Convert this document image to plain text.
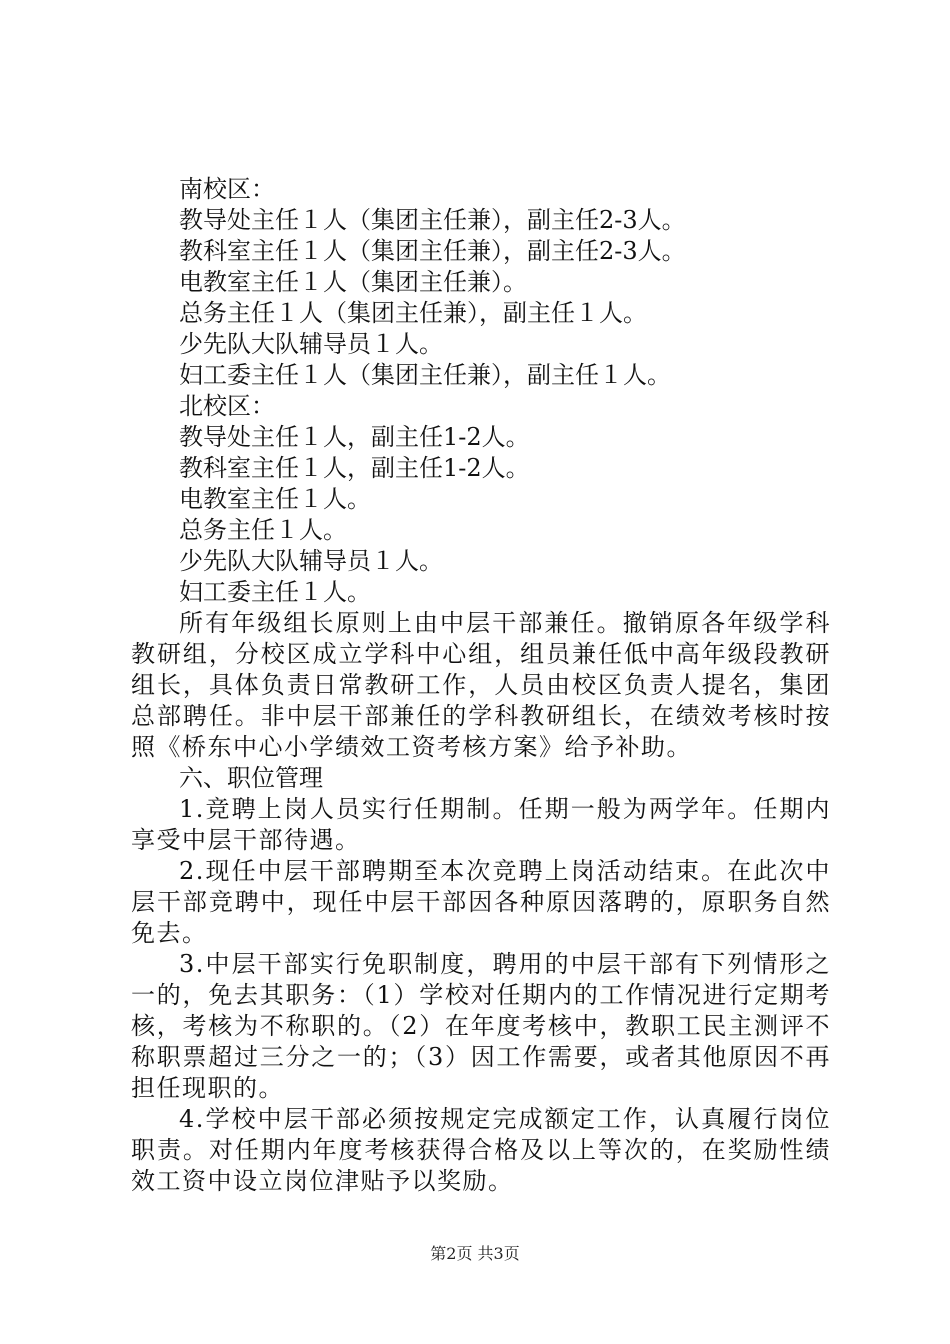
南校区：

教导处主任１人（集团主任兼），副主任2-3人。

教科室主任１人（集团主任兼），副主任2-3人。

电教室主任１人（集团主任兼）。

总务主任１人（集团主任兼），副主任１人。

少先队大队辅导员１人。

妇工委主任１人（集团主任兼），副主任１人。

北校区：

教导处主任１人，副主任1-2人。

教科室主任１人，副主任1-2人。

电教室主任１人。

总务主任１人。

少先队大队辅导员１人。

妇工委主任１人。

所有年级组长原则上由中层干部兼任。撤销原各年级学科教研组，分校区成立学科中心组，组员兼任低中高年级段教研组长，具体负责日常教研工作，人员由校区负责人提名，集团总部聘任。非中层干部兼任的学科教研组长，在绩效考核时按照《桥东中心小学绩效工资考核方案》给予补助。

六、职位管理

1.竞聘上岗人员实行任期制。任期一般为两学年。任期内享受中层干部待遇。

2.现任中层干部聘期至本次竞聘上岗活动结束。在此次中层干部竞聘中，现任中层干部因各种原因落聘的，原职务自然免去。

3.中层干部实行免职制度，聘用的中层干部有下列情形之一的，免去其职务：（1）学校对任期内的工作情况进行定期考核，考核为不称职的。（2）在年度考核中，教职工民主测评不称职票超过三分之一的；（3）因工作需要，或者其他原因不再担任现职的。

4.学校中层干部必须按规定完成额定工作，认真履行岗位职责。对任期内年度考核获得合格及以上等次的，在奖励性绩效工资中设立岗位津贴予以奖励。

第2页 共3页
